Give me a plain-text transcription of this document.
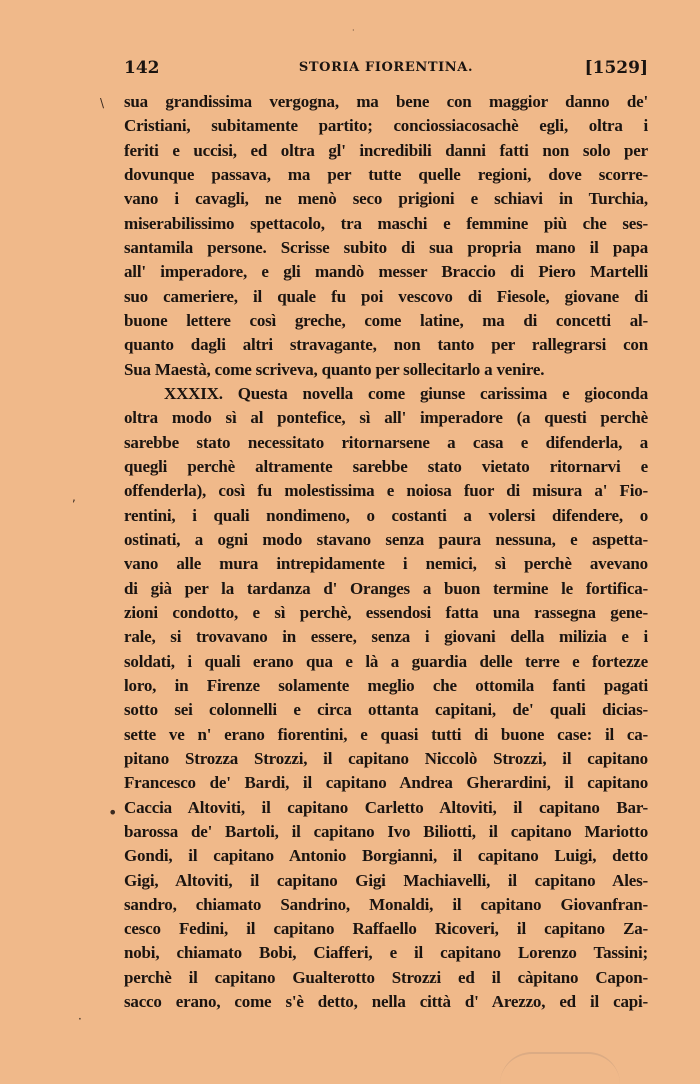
·
142	STORIA FIORENTINA.	[1529]
\
,
•
·
sua grandissima vergogna, ma bene con maggior danno de'
Cristiani, subitamente partito; conciossiacosachè egli, oltra i
feriti e uccisi, ed oltra gl' incredibili danni fatti non solo per
dovunque passava, ma per tutte quelle regioni, dove scorre-
vano i cavagli, ne menò seco prigioni e schiavi in Turchia,
miserabilissimo spettacolo, tra maschi e femmine più che ses-
santamila persone. Scrisse subito di sua propria mano il papa
all' imperadore, e gli mandò messer Braccio di Piero Martelli
suo cameriere, il quale fu poi vescovo di Fiesole, giovane di
buone lettere così greche, come latine, ma di concetti al-
quanto dagli altri stravagante, non tanto per rallegrarsi con
Sua Maestà, come scriveva, quanto per sollecitarlo a venire.
XXXIX. Questa novella come giunse carissima e gioconda
oltra modo sì al pontefice, sì all' imperadore (a questi perchè
sarebbe stato necessitato ritornarsene a casa e difenderla, a
quegli perchè altramente sarebbe stato vietato ritornarvi e
offenderla), così fu molestissima e noiosa fuor di misura a' Fio-
rentini, i quali nondimeno, o costanti a volersi difendere, o
ostinati, a ogni modo stavano senza paura nessuna, e aspetta-
vano alle mura intrepidamente i nemici, sì perchè avevano
di già per la tardanza d' Oranges a buon termine le fortifica-
zioni condotto, e sì perchè, essendosi fatta una rassegna gene-
rale, si trovavano in essere, senza i giovani della milizia e i
soldati, i quali erano qua e là a guardia delle terre e fortezze
loro, in Firenze solamente meglio che ottomila fanti pagati
sotto sei colonnelli e circa ottanta capitani, de' quali dicias-
sette ve n' erano fiorentini, e quasi tutti di buone case: il ca-
pitano Strozza Strozzi, il capitano Niccolò Strozzi, il capitano
Francesco de' Bardi, il capitano Andrea Gherardini, il capitano
Caccia Altoviti, il capitano Carletto Altoviti, il capitano Bar-
barossa de' Bartoli, il capitano Ivo Biliotti, il capitano Mariotto
Gondi, il capitano Antonio Borgianni, il capitano Luigi, detto
Gigi, Altoviti, il capitano Gigi Machiavelli, il capitano Ales-
sandro, chiamato Sandrino, Monaldi, il capitano Giovanfran-
cesco Fedini, il capitano Raffaello Ricoveri, il capitano Za-
nobi, chiamato Bobi, Ciafferi, e il capitano Lorenzo Tassini;
perchè il capitano Gualterotto Strozzi ed il càpitano Capon-
sacco erano, come s'è detto, nella città d' Arezzo, ed il capi-
